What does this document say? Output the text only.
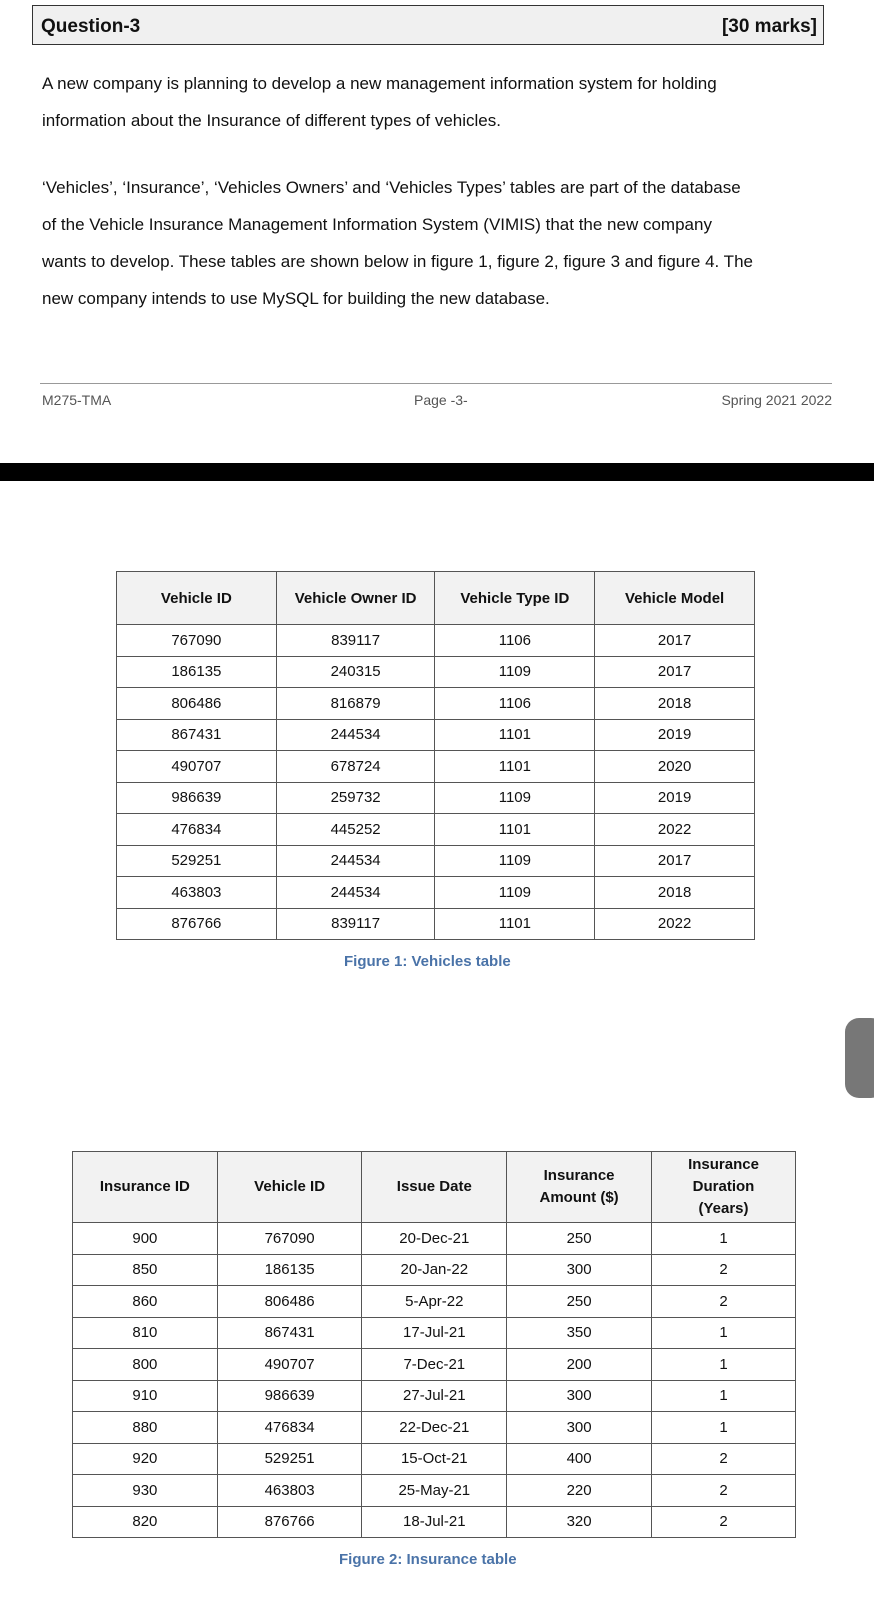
Question-3	[30 marks]
A new company is planning to develop a new management information system for holding
information about the Insurance of different types of vehicles.
‘Vehicles’, ‘Insurance’, ‘Vehicles Owners’ and ‘Vehicles Types’ tables are part of the database
of the Vehicle Insurance Management Information System (VIMIS) that the new company
wants to develop. These tables are shown below in figure 1, figure 2, figure 3 and figure 4. The
new company intends to use MySQL for building the new database.
M275-TMA	Page -3-	Spring 2021 2022
Vehicle ID	Vehicle Owner ID	Vehicle Type ID	Vehicle Model
767090	839117	1106	2017
186135	240315	1109	2017
806486	816879	1106	2018
867431	244534	1101	2019
490707	678724	1101	2020
986639	259732	1109	2019
476834	445252	1101	2022
529251	244534	1109	2017
463803	244534	1109	2018
876766	839117	1101	2022
Figure 1: Vehicles table
Insurance ID	Vehicle ID	Issue Date	Insurance Amount ($)	Insurance Duration (Years)
900	767090	20-Dec-21	250	1
850	186135	20-Jan-22	300	2
860	806486	5-Apr-22	250	2
810	867431	17-Jul-21	350	1
800	490707	7-Dec-21	200	1
910	986639	27-Jul-21	300	1
880	476834	22-Dec-21	300	1
920	529251	15-Oct-21	400	2
930	463803	25-May-21	220	2
820	876766	18-Jul-21	320	2
Figure 2: Insurance table
